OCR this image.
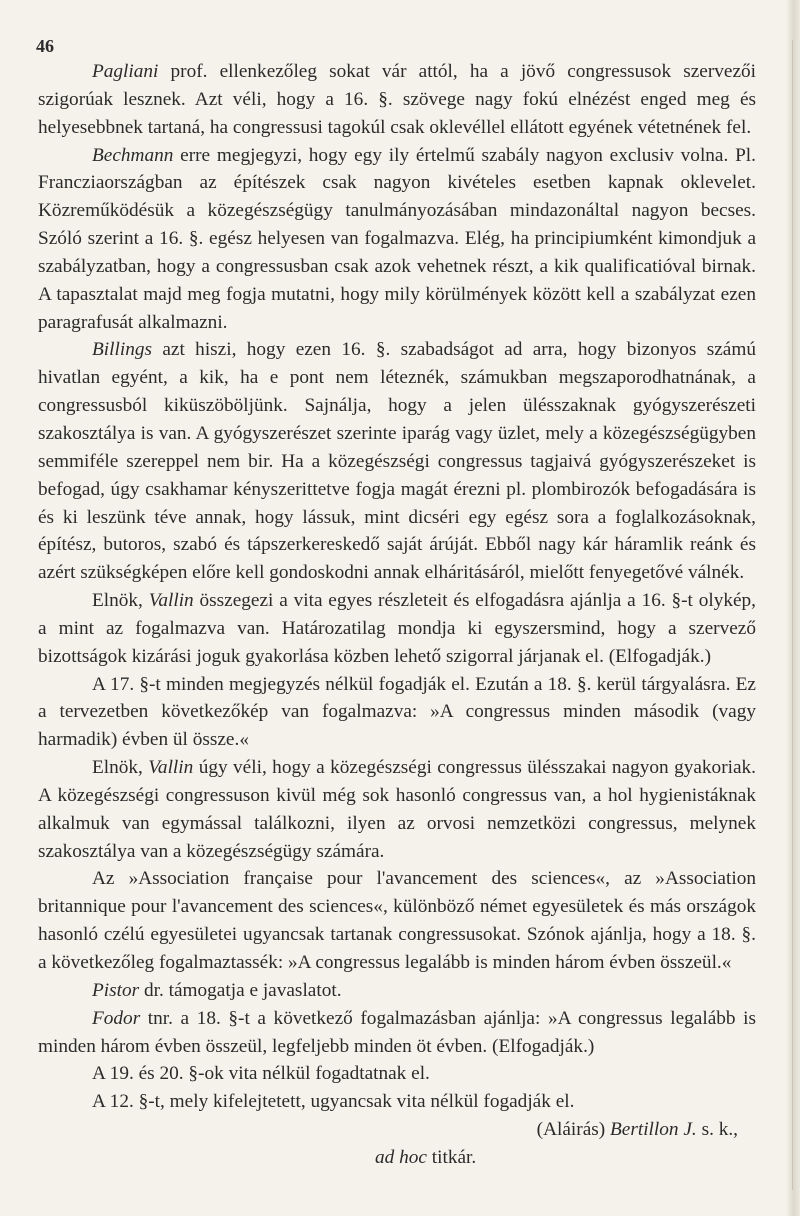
46

Pagliani prof. ellenkezőleg sokat vár attól, ha a jövő congressusok szervezői szigorúak lesznek. Azt véli, hogy a 16. §. szövege nagy fokú elnézést enged meg és helyesebbnek tartaná, ha congressusi tagokúl csak oklevéllel ellátott egyének vétetnének fel.

Bechmann erre megjegyzi, hogy egy ily értelmű szabály nagyon exclusiv volna. Pl. Francziaországban az építészek csak nagyon kivételes esetben kapnak oklevelet. Közreműködésük a közegészségügy tanulmányozásában mindazonáltal nagyon becses. Szóló szerint a 16. §. egész helyesen van fogalmazva. Elég, ha principiumként kimondjuk a szabályzatban, hogy a congressusban csak azok vehetnek részt, a kik qualificatióval birnak. A tapasztalat majd meg fogja mutatni, hogy mily körülmények között kell a szabályzat ezen paragrafusát alkalmazni.

Billings azt hiszi, hogy ezen 16. §. szabadságot ad arra, hogy bizonyos számú hivatlan egyént, a kik, ha e pont nem léteznék, számukban megszaporodhatnának, a congressusból kiküszöböljünk. Sajnálja, hogy a jelen ülésszaknak gyógyszerészeti szakosztálya is van. A gyógyszerészet szerinte iparág vagy üzlet, mely a közegészségügyben semmiféle szereppel nem bir. Ha a közegészségi congressus tagjaivá gyógyszerészeket is befogad, úgy csakhamar kényszerittetve fogja magát érezni pl. plombirozók befogadására is és ki leszünk téve annak, hogy lássuk, mint dicséri egy egész sora a foglalkozásoknak, építész, butoros, szabó és tápszerkereskedő saját árúját. Ebből nagy kár háramlik reánk és azért szükségképen előre kell gondoskodni annak elháritásáról, mielőtt fenyegetővé válnék.

Elnök, Vallin összegezi a vita egyes részleteit és elfogadásra ajánlja a 16. §-t olykép, a mint az fogalmazva van. Határozatilag mondja ki egyszersmind, hogy a szervező bizottságok kizárási joguk gyakorlása közben lehető szigorral járjanak el. (Elfogadják.)

A 17. §-t minden megjegyzés nélkül fogadják el. Ezután a 18. §. kerül tárgyalásra. Ez a tervezetben következőkép van fogalmazva: »A congressus minden második (vagy harmadik) évben ül össze.«

Elnök, Vallin úgy véli, hogy a közegészségi congressus ülésszakai nagyon gyakoriak. A közegészségi congressuson kivül még sok hasonló congressus van, a hol hygienistáknak alkalmuk van egymással találkozni, ilyen az orvosi nemzetközi congressus, melynek szakosztálya van a közegészségügy számára.

Az »Association française pour l'avancement des sciences«, az »Association britannique pour l'avancement des sciences«, különböző német egyesületek és más országok hasonló czélú egyesületei ugyancsak tartanak congressusokat. Szónok ajánlja, hogy a 18. §. a következőleg fogalmaztassék: »A congressus legalább is minden három évben összeül.«

Pistor dr. támogatja e javaslatot.

Fodor tnr. a 18. §-t a következő fogalmazásban ajánlja: »A congressus legalább is minden három évben összeül, legfeljebb minden öt évben. (Elfogadják.)

A 19. és 20. §-ok vita nélkül fogadtatnak el.

A 12. §-t, mely kifelejtetett, ugyancsak vita nélkül fogadják el.

(Aláirás) Bertillon J. s. k.,

ad hoc titkár.
